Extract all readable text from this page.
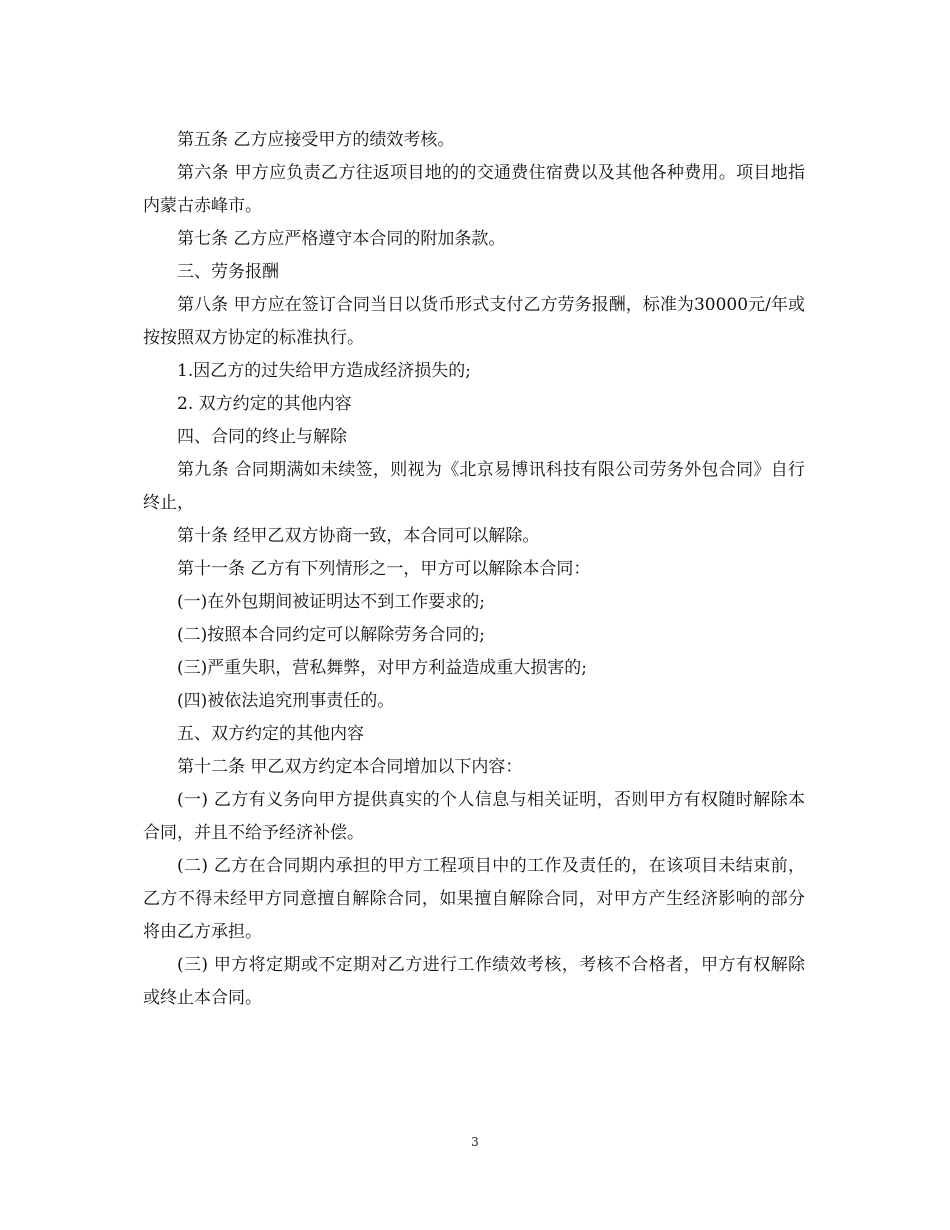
第五条 乙方应接受甲方的绩效考核。

第六条 甲方应负责乙方往返项目地的的交通费住宿费以及其他各种费用。项目地指内蒙古赤峰市。

第七条 乙方应严格遵守本合同的附加条款。

三、劳务报酬

第八条 甲方应在签订合同当日以货币形式支付乙方劳务报酬，标准为30000元/年或按按照双方协定的标准执行。

1.因乙方的过失给甲方造成经济损失的;

2. 双方约定的其他内容

四、合同的终止与解除

第九条 合同期满如未续签，则视为《北京易博讯科技有限公司劳务外包合同》自行终止，

第十条 经甲乙双方协商一致，本合同可以解除。

第十一条 乙方有下列情形之一，甲方可以解除本合同：

(一)在外包期间被证明达不到工作要求的;

(二)按照本合同约定可以解除劳务合同的;

(三)严重失职，营私舞弊，对甲方利益造成重大损害的;

(四)被依法追究刑事责任的。

五、双方约定的其他内容

第十二条 甲乙双方约定本合同增加以下内容：

(一) 乙方有义务向甲方提供真实的个人信息与相关证明，否则甲方有权随时解除本合同，并且不给予经济补偿。

(二) 乙方在合同期内承担的甲方工程项目中的工作及责任的，在该项目未结束前，乙方不得未经甲方同意擅自解除合同，如果擅自解除合同，对甲方产生经济影响的部分将由乙方承担。

(三) 甲方将定期或不定期对乙方进行工作绩效考核，考核不合格者，甲方有权解除或终止本合同。

3
